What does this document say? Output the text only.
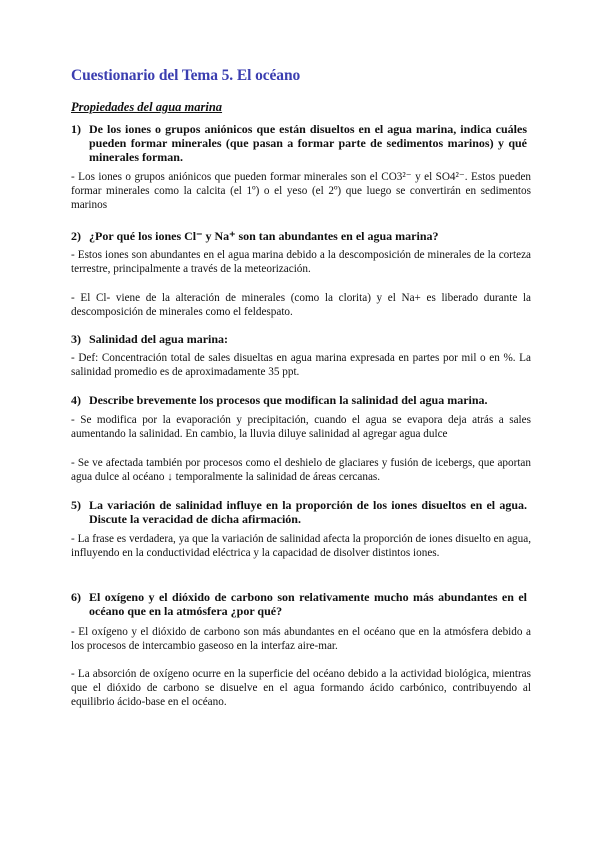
Cuestionario del Tema 5. El océano
Propiedades del agua marina
1) De los iones o grupos aniónicos que están disueltos en el agua marina, indica cuáles pueden formar minerales (que pasan a formar parte de sedimentos marinos) y qué minerales forman.
- Los iones o grupos aniónicos que pueden formar minerales son el CO3²⁻ y el SO4²⁻. Estos pueden formar minerales como la calcita (el 1º) o el yeso (el 2º) que luego se convertirán en sedimentos marinos
2) ¿Por qué los iones Cl⁻ y Na⁺ son tan abundantes en el agua marina?
- Estos iones son abundantes en el agua marina debido a la descomposición de minerales de la corteza terrestre, principalmente a través de la meteorización.
- El Cl- viene de la alteración de minerales (como la clorita) y el Na+ es liberado durante la descomposición de minerales como el feldespato.
3) Salinidad del agua marina:
- Def: Concentración total de sales disueltas en agua marina expresada en partes por mil o en %. La salinidad promedio es de aproximadamente 35 ppt.
4) Describe brevemente los procesos que modifican la salinidad del agua marina.
- Se modifica por la evaporación y precipitación, cuando el agua se evapora deja atrás a sales aumentando la salinidad. En cambio, la lluvia diluye salinidad al agregar agua dulce
- Se ve afectada también por procesos como el deshielo de glaciares y fusión de icebergs, que aportan agua dulce al océano ↓ temporalmente la salinidad de áreas cercanas.
5) La variación de salinidad influye en la proporción de los iones disueltos en el agua. Discute la veracidad de dicha afirmación.
- La frase es verdadera, ya que la variación de salinidad afecta la proporción de iones disuelto en agua, influyendo en la conductividad eléctrica y la capacidad de disolver distintos iones.
6) El oxígeno y el dióxido de carbono son relativamente mucho más abundantes en el océano que en la atmósfera ¿por qué?
- El oxígeno y el dióxido de carbono son más abundantes en el océano que en la atmósfera debido a los procesos de intercambio gaseoso en la interfaz aire-mar.
- La absorción de oxígeno ocurre en la superficie del océano debido a la actividad biológica, mientras que el dióxido de carbono se disuelve en el agua formando ácido carbónico, contribuyendo al equilibrio ácido-base en el océano.
